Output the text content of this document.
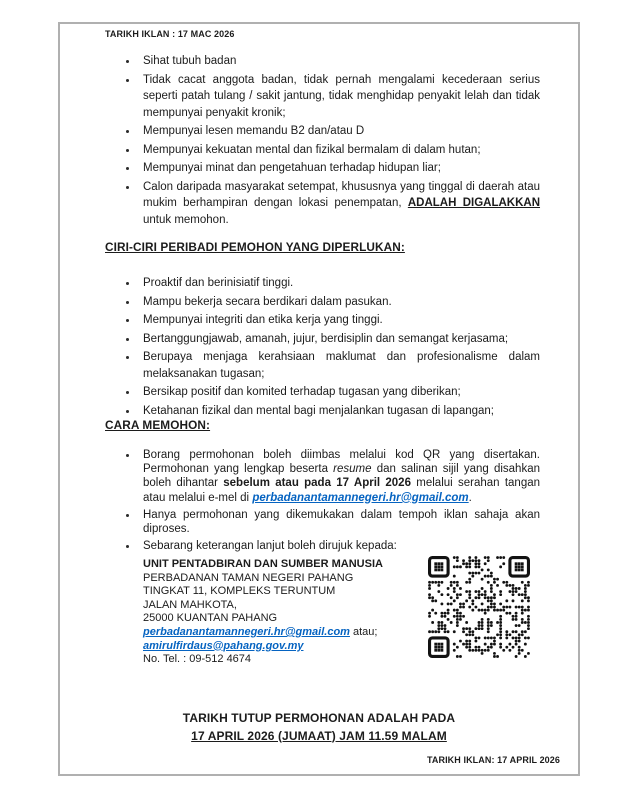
TARIKH IKLAN : 17 MAC 2026
Sihat tubuh badan
Tidak cacat anggota badan, tidak pernah mengalami kecederaan serius seperti patah tulang / sakit jantung, tidak menghidap penyakit lelah dan tidak mempunyai penyakit kronik;
Mempunyai lesen memandu B2 dan/atau D
Mempunyai kekuatan mental dan fizikal bermalam di dalam hutan;
Mempunyai minat dan pengetahuan terhadap hidupan liar;
Calon daripada masyarakat setempat, khususnya yang tinggal di daerah atau mukim berhampiran dengan lokasi penempatan, ADALAH DIGALAKKAN untuk memohon.
CIRI-CIRI PERIBADI PEMOHON YANG DIPERLUKAN:
Proaktif dan berinisiatif tinggi.
Mampu bekerja secara berdikari dalam pasukan.
Mempunyai integriti dan etika kerja yang tinggi.
Bertanggungjawab, amanah, jujur, berdisiplin dan semangat kerjasama;
Berupaya menjaga kerahsiaan maklumat dan profesionalisme dalam melaksanakan tugasan;
Bersikap positif dan komited terhadap tugasan yang diberikan;
Ketahanan fizikal dan mental bagi menjalankan tugasan di lapangan;
CARA MEMOHON:
Borang permohonan boleh diimbas melalui kod QR yang disertakan. Permohonan yang lengkap beserta resume dan salinan sijil yang disahkan boleh dihantar sebelum atau pada 17 April 2026 melalui serahan tangan atau melalui e-mel di perbadanantamannegeri.hr@gmail.com.
Hanya permohonan yang dikemukakan dalam tempoh iklan sahaja akan diproses.
Sebarang keterangan lanjut boleh dirujuk kepada:
UNIT PENTADBIRAN DAN SUMBER MANUSIA
PERBADANAN TAMAN NEGERI PAHANG
TINGKAT 11, KOMPLEKS TERUNTUM
JALAN MAHKOTA,
25000 KUANTAN PAHANG
perbadanantamannegeri.hr@gmail.com atau;
amirulfirdaus@pahang.gov.my
No. Tel. : 09-512 4674
TARIKH TUTUP PERMOHONAN ADALAH PADA
17 APRIL 2026 (JUMAAT) JAM 11.59 MALAM
TARIKH IKLAN: 17 APRIL 2026
